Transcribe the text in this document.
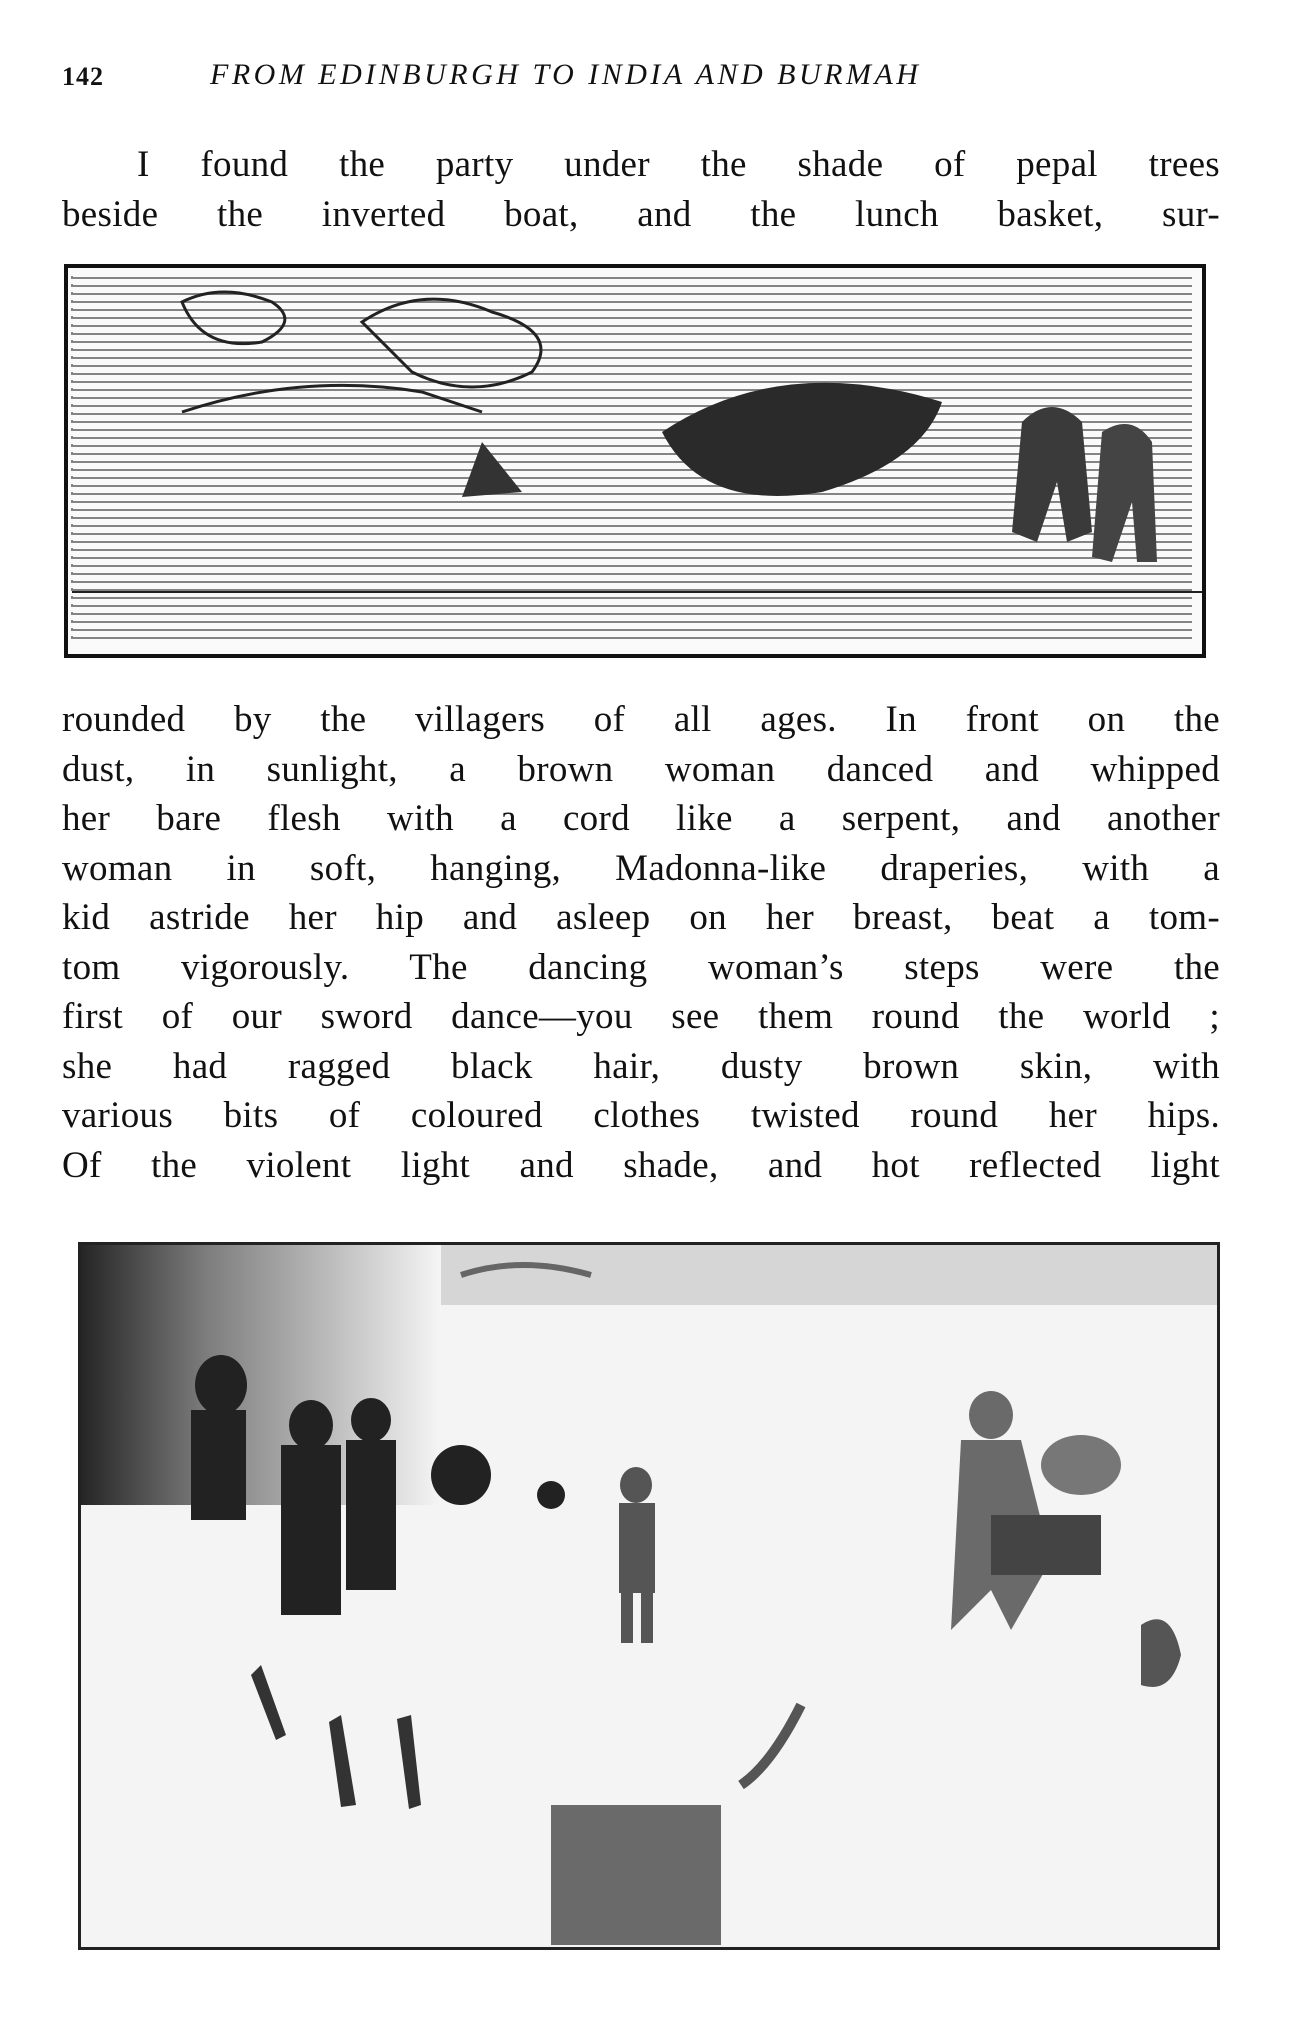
142	FROM EDINBURGH TO INDIA AND BURMAH
I found the party under the shade of pepal trees
beside the inverted boat, and the lunch basket, sur-
rounded by the villagers of all ages. In front on the
dust, in sunlight, a brown woman danced and whipped
her bare flesh with a cord like a serpent, and another
woman in soft, hanging, Madonna-like draperies, with a
kid astride her hip and asleep on her breast, beat a tom-
tom vigorously. The dancing woman’s steps were the
first of our sword dance—you see them round the world ;
she had ragged black hair, dusty brown skin, with
various bits of coloured clothes twisted round her hips.
Of the violent light and shade, and hot reflected light
